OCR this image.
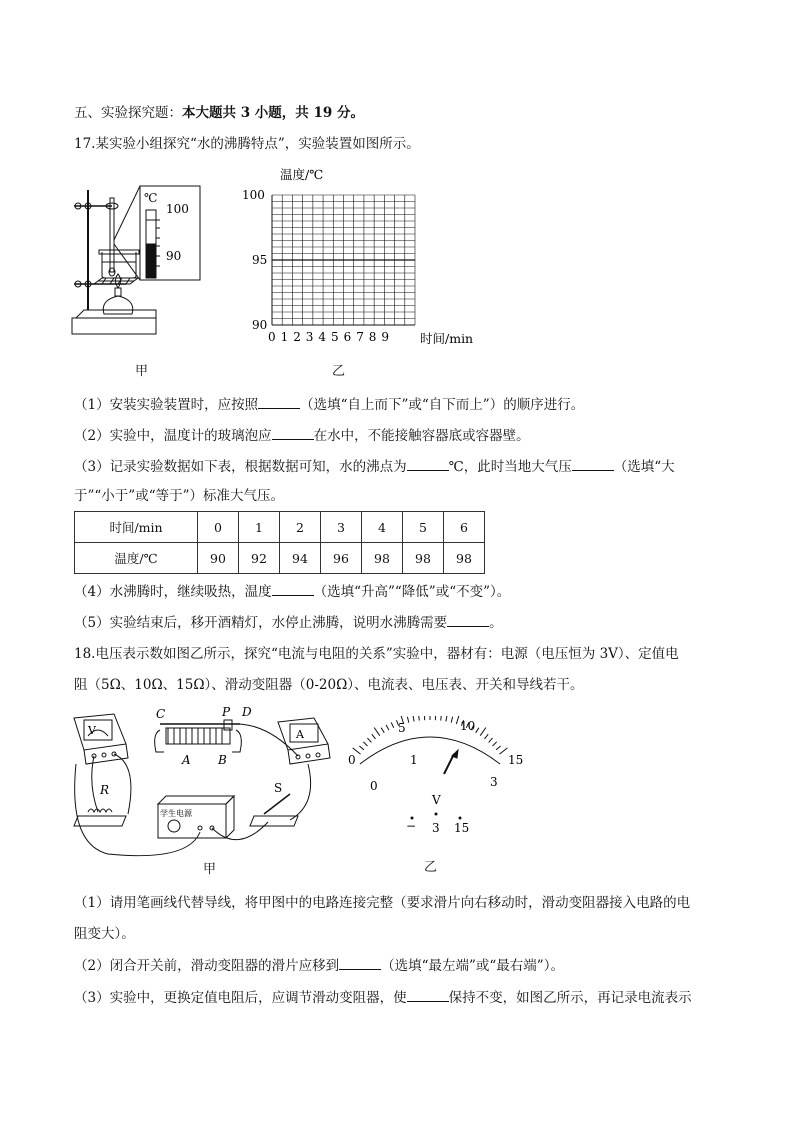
五、实验探究题：本大题共 3 小题，共 19 分。
17.某实验小组探究“水的沸腾特点”，实验装置如图所示。
℃
100
90
甲
温度/℃
100
95
90
0 1 2 3 4 5 6 7 8 9 时间/min
乙
（1）安装实验装置时，应按照	（选填“自上而下”或“自下而上”）的顺序进行。
（2）实验中，温度计的玻璃泡应	在水中，不能接触容器底或容器壁。
（3）记录实验数据如下表，根据数据可知，水的沸点为	℃，此时当地大气压	（选填“大
于”“小于”或“等于”）标准大气压。
时间/min	0	1	2	3	4	5	6
温度/℃	90	92	94	96	98	98	98
（4）水沸腾时，继续吸热，温度	（选填“升高”“降低”或“不变”）。
（5）实验结束后，移开酒精灯，水停止沸腾，说明水沸腾需要	。
18.电压表示数如图乙所示，探究“电流与电阻的关系”实验中，器材有：电源（电压恒为 3V）、定值电
阻（5Ω、10Ω、15Ω）、滑动变阻器（0-20Ω）、电流表、电压表、开关和导线若干。
V	A
C	P D
A B
R	S
学生电源
甲
0
5	10
15
0
1
3
V
− 3 15
乙
（1）请用笔画线代替导线，将甲图中的电路连接完整（要求滑片向右移动时，滑动变阻器接入电路的电
阻变大）。
（2）闭合开关前，滑动变阻器的滑片应移到	（选填“最左端”或“最右端”）。
（3）实验中，更换定值电阻后，应调节滑动变阻器，使	保持不变，如图乙所示，再记录电流表示
